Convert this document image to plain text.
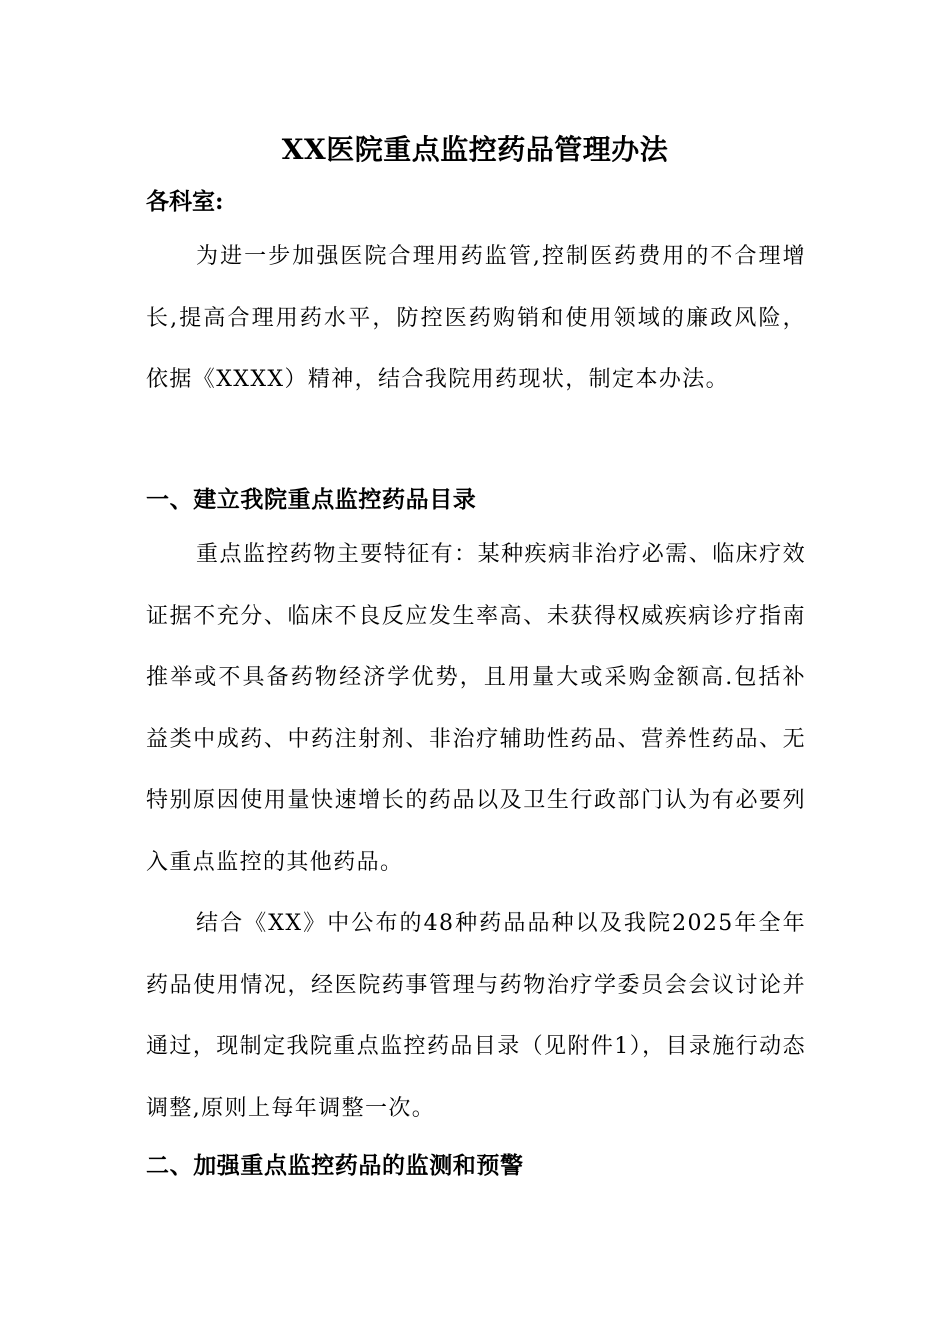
XX医院重点监控药品管理办法
各科室:

为进一步加强医院合理用药监管,控制医药费用的不合理增长,提高合理用药水平，防控医药购销和使用领域的廉政风险，依据《XXXX）精神，结合我院用药现状，制定本办法。

一、建立我院重点监控药品目录

重点监控药物主要特征有：某种疾病非治疗必需、临床疗效证据不充分、临床不良反应发生率高、未获得权威疾病诊疗指南推举或不具备药物经济学优势，且用量大或采购金额高.包括补益类中成药、中药注射剂、非治疗辅助性药品、营养性药品、无特别原因使用量快速增长的药品以及卫生行政部门认为有必要列入重点监控的其他药品。

结合《XX》中公布的48种药品品种以及我院2025年全年药品使用情况，经医院药事管理与药物治疗学委员会会议讨论并通过，现制定我院重点监控药品目录（见附件1），目录施行动态调整,原则上每年调整一次。

二、加强重点监控药品的监测和预警
